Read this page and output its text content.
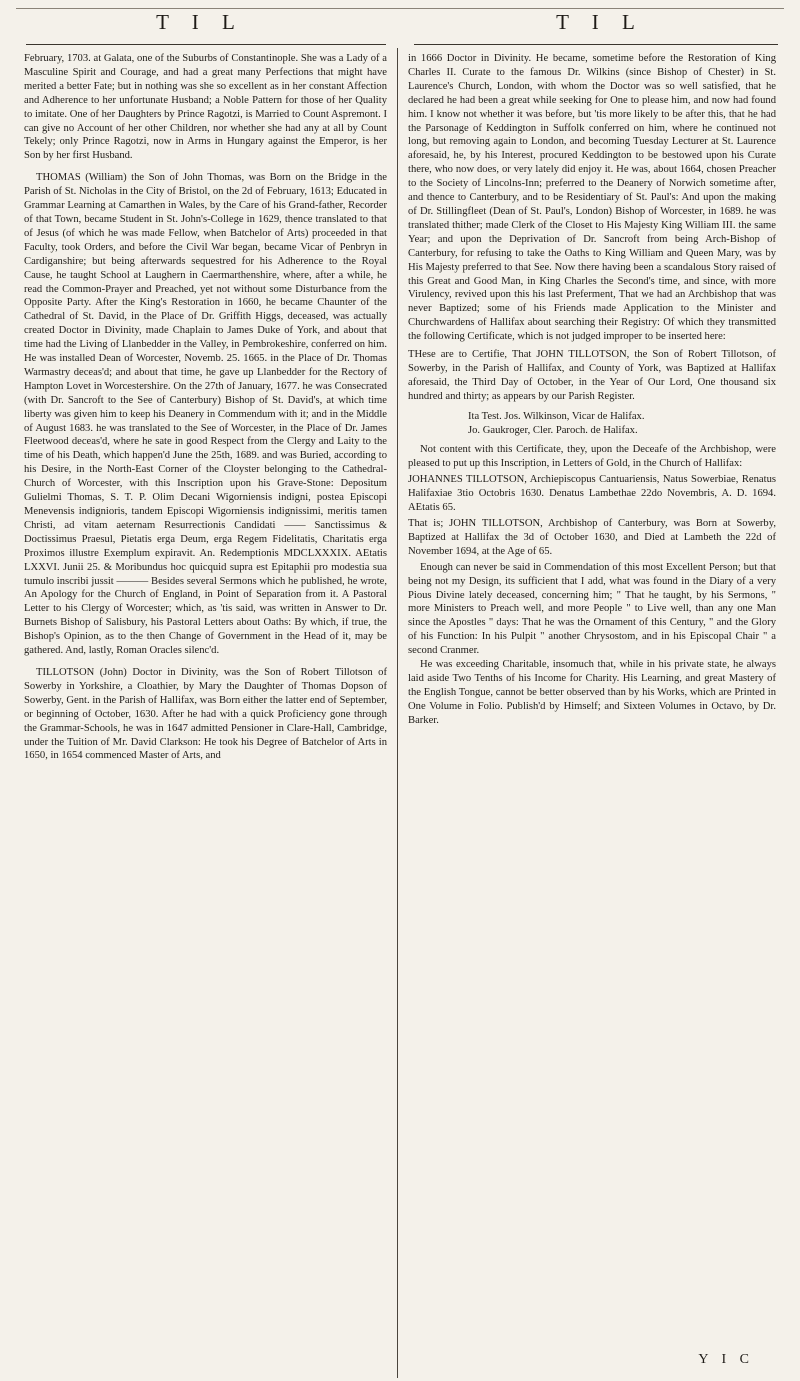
T I L	T I L

February, 1703. at Galata, one of the Suburbs of Constantinople. She was a Lady of a Masculine Spirit and Courage, and had a great many Perfections that might have merited a better Fate; but in nothing was she so excellent as in her constant Affection and Adherence to her unfortunate Husband; a Noble Pattern for those of her Quality to imitate. One of her Daughters by Prince Ragotzi, is Married to Count Aspremont. I can give no Account of her other Children, nor whether she had any at all by Count Tekely; only Prince Ragotzi, now in Arms in Hungary against the Emperor, is her Son by her first Husband.

THOMAS (William) the Son of John Thomas, was Born on the Bridge in the Parish of St. Nicholas in the City of Bristol, on the 2d of February, 1613; Educated in Grammar Learning at Camarthen in Wales, by the Care of his Grand-father, Recorder of that Town, became Student in St. John's-College in 1629, thence translated to that of Jesus (of which he was made Fellow, when Batchelor of Arts) proceeded in that Faculty, took Orders, and before the Civil War began, became Vicar of Penbryn in Cardiganshire; but being afterwards sequestred for his Adherence to the Royal Cause, he taught School at Laughern in Caermarthenshire, where, after a while, he read the Common-Prayer and Preached, yet not without some Disturbance from the Opposite Party. After the King's Restoration in 1660, he became Chaunter of the Cathedral of St. David, in the Place of Dr. Griffith Higgs, deceased, was actually created Doctor in Divinity, made Chaplain to James Duke of York, and about that time had the Living of Llanbedder in the Valley, in Pembrokeshire, conferred on him. He was installed Dean of Worcester, Novemb. 25. 1665. in the Place of Dr. Thomas Warmastry deceas'd; and about that time, he gave up Llanbedder for the Rectory of Hampton Lovet in Worcestershire. On the 27th of January, 1677. he was Consecrated (with Dr. Sancroft to the See of Canterbury) Bishop of St. David's, at which time liberty was given him to keep his Deanery in Commendum with it; and in the Middle of August 1683. he was translated to the See of Worcester, in the Place of Dr. James Fleetwood deceas'd, where he sate in good Respect from the Clergy and Laity to the time of his Death, which happen'd June the 25th, 1689. and was Buried, according to his Desire, in the North-East Corner of the Cloyster belonging to the Cathedral-Church of Worcester, with this Inscription upon his Grave-Stone: Depositum Gulielmi Thomas, S. T. P. Olim Decani Wigorniensis indigni, postea Episcopi Menevensis indignioris, tandem Episcopi Wigorniensis indignissimi, meritis tamen Christi, ad vitam aeternam Resurrectionis Candidati —— Sanctissimus & Doctissimus Praesul, Pietatis erga Deum, erga Regem Fidelitatis, Charitatis erga Proximos illustre Exemplum expiravit. An. Redemptionis MDCLXXXIX. AEtatis LXXVI. Junii 25. & Moribundus hoc quicquid supra est Epitaphii pro modestia sua tumulo inscribi jussit ——— Besides several Sermons which he published, he wrote, An Apology for the Church of England, in Point of Separation from it. A Pastoral Letter to his Clergy of Worcester; which, as 'tis said, was written in Answer to Dr. Burnets Bishop of Salisbury, his Pastoral Letters about Oaths: By which, if true, the Bishop's Opinion, as to the then Change of Government in the Head of it, may be gathered. And, lastly, Roman Oracles silenc'd.

TILLOTSON (John) Doctor in Divinity, was the Son of Robert Tillotson of Sowerby in Yorkshire, a Cloathier, by Mary the Daughter of Thomas Dopson of Sowerby, Gent. in the Parish of Hallifax, was Born either the latter end of September, or beginning of October, 1630. After he had with a quick Proficiency gone through the Grammar-Schools, he was in 1647 admitted Pensioner in Clare-Hall, Cambridge, under the Tuition of Mr. David Clarkson: He took his Degree of Batchelor of Arts in 1650, in 1654 commenced Master of Arts, and

in 1666 Doctor in Divinity. He became, sometime before the Restoration of King Charles II. Curate to the famous Dr. Wilkins (since Bishop of Chester) in St. Laurence's Church, London, with whom the Doctor was so well satisfied, that he declared he had been a great while seeking for One to please him, and now had found him. I know not whether it was before, but 'tis more likely to be after this, that he had the Parsonage of Keddington in Suffolk conferred on him, where he continued not long, but removing again to London, and becoming Tuesday Lecturer at St. Laurence aforesaid, he, by his Interest, procured Keddington to be bestowed upon his Curate there, who now does, or very lately did enjoy it. He was, about 1664, chosen Preacher to the Society of Lincolns-Inn; preferred to the Deanery of Norwich sometime after, and thence to Canterbury, and to be Residentiary of St. Paul's: And upon the making of Dr. Stillingfleet (Dean of St. Paul's, London) Bishop of Worcester, in 1689. he was translated thither; made Clerk of the Closet to His Majesty King William III. the same Year; and upon the Deprivation of Dr. Sancroft from being Arch-Bishop of Canterbury, for refusing to take the Oaths to King William and Queen Mary, was by His Majesty preferred to that See. Now there having been a scandalous Story raised of this Great and Good Man, in King Charles the Second's time, and since, with more Virulency, revived upon this his last Preferment, That we had an Archbishop that was never Baptized; some of his Friends made Application to the Minister and Churchwardens of Hallifax about searching their Registry: Of which they transmitted the following Certificate, which is not judged improper to be inserted here:

THese are to Certifie, That JOHN TILLOTSON, the Son of Robert Tillotson, of Sowerby, in the Parish of Hallifax, and County of York, was Baptized at Hallifax aforesaid, the Third Day of October, in the Year of Our Lord, One thousand six hundred and thirty; as appears by our Parish Register.

Ita Test. Jos. Wilkinson, Vicar de Halifax.

Jo. Gaukroger, Cler. Paroch. de Halifax.

Not content with this Certificate, they, upon the Deceafe of the Archbishop, were pleased to put up this Inscription, in Letters of Gold, in the Church of Hallifax:

JOHANNES TILLOTSON, Archiepiscopus Cantuariensis, Natus Sowerbiae, Renatus Halifaxiae 3tio Octobris 1630. Denatus Lambethae 22do Novembris, A. D. 1694. AEtatis 65.

That is; JOHN TILLOTSON, Archbishop of Canterbury, was Born at Sowerby, Baptized at Hallifax the 3d of October 1630, and Died at Lambeth the 22d of November 1694, at the Age of 65.

Enough can never be said in Commendation of this most Excellent Person; but that being not my Design, its sufficient that I add, what was found in the Diary of a very Pious Divine lately deceased, concerning him; " That he taught, by his Sermons, " more Ministers to Preach well, and more People " to Live well, than any one Man since the Apostles " days: That he was the Ornament of this Century, " and the Glory of his Function: In his Pulpit " another Chrysostom, and in his Episcopal Chair " a second Cranmer.

He was exceeding Charitable, insomuch that, while in his private state, he always laid aside Two Tenths of his Income for Charity. His Learning, and great Mastery of the English Tongue, cannot be better observed than by his Works, which are Printed in One Volume in Folio. Publish'd by Himself; and Sixteen Volumes in Octavo, by Dr. Barker.

Y I C
